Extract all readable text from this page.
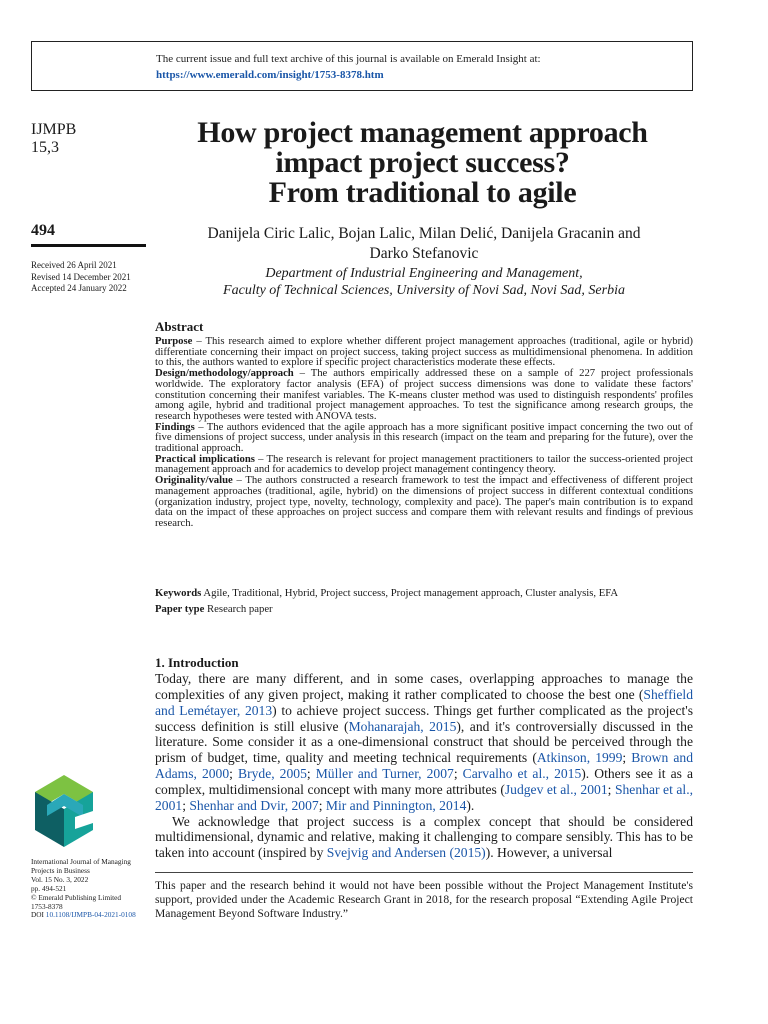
The current issue and full text archive of this journal is available on Emerald Insight at:
https://www.emerald.com/insight/1753-8378.htm
IJMPB
15,3
494
Received 26 April 2021
Revised 14 December 2021
Accepted 24 January 2022
International Journal of Managing
Projects in Business
Vol. 15 No. 3, 2022
pp. 494-521
© Emerald Publishing Limited
1753-8378
DOI 10.1108/IJMPB-04-2021-0108
How project management approach
impact project success?
From traditional to agile
Danijela Ciric Lalic, Bojan Lalic, Milan Delić, Danijela Gracanin and
Darko Stefanovic
Department of Industrial Engineering and Management,
Faculty of Technical Sciences, University of Novi Sad, Novi Sad, Serbia
Abstract

Purpose – This research aimed to explore whether different project management approaches (traditional, agile or hybrid) differentiate concerning their impact on project success, taking project success as multidimensional phenomena. In addition to this, the authors wanted to explore if specific project characteristics moderate these effects.

Design/methodology/approach – The authors empirically addressed these on a sample of 227 project professionals worldwide. The exploratory factor analysis (EFA) of project success dimensions was done to validate these factors' constitution concerning their manifest variables. The K-means cluster method was used to distinguish respondents' profiles among agile, hybrid and traditional project management approaches. To test the significance among research groups, the research hypotheses were tested with ANOVA tests.

Findings – The authors evidenced that the agile approach has a more significant positive impact concerning the two out of five dimensions of project success, under analysis in this research (impact on the team and preparing for the future), over the traditional approach.

Practical implications – The research is relevant for project management practitioners to tailor the success-oriented project management approach and for academics to develop project management contingency theory.

Originality/value – The authors constructed a research framework to test the impact and effectiveness of different project management approaches (traditional, agile, hybrid) on the dimensions of project success in different contextual conditions (organization industry, project type, novelty, technology, complexity and pace). The paper's main contribution is to expand data on the impact of these approaches on project success and compare them with relevant results and findings of previous research.

Keywords Agile, Traditional, Hybrid, Project success, Project management approach, Cluster analysis, EFA
Paper type Research paper
1. Introduction

Today, there are many different, and in some cases, overlapping approaches to manage the complexities of any given project, making it rather complicated to choose the best one (Sheffield and Lemétayer, 2013) to achieve project success. Things get further complicated as the project's success definition is still elusive (Mohanarajah, 2015), and it's controversially discussed in the literature. Some consider it as a one-dimensional construct that should be perceived through the prism of budget, time, quality and meeting technical requirements (Atkinson, 1999; Brown and Adams, 2000; Bryde, 2005; Müller and Turner, 2007; Carvalho et al., 2015). Others see it as a complex, multidimensional concept with many more attributes (Judgev et al., 2001; Shenhar et al., 2001; Shenhar and Dvir, 2007; Mir and Pinnington, 2014).

We acknowledge that project success is a complex concept that should be considered multidimensional, dynamic and relative, making it challenging to compare sensibly. This has to be taken into account (inspired by Svejvig and Andersen (2015)). However, a universal

This paper and the research behind it would not have been possible without the Project Management Institute's support, provided under the Academic Research Grant in 2018, for the research proposal “Extending Agile Project Management Beyond Software Industry.”
